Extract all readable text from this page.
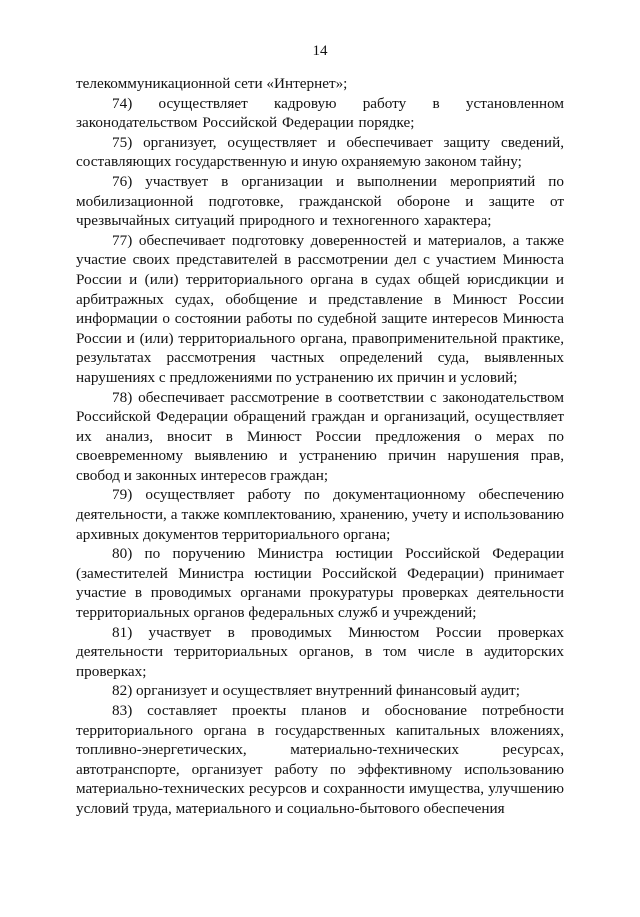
14

телекоммуникационной сети «Интернет»;

74) осуществляет кадровую работу в установленном законодательством Российской Федерации порядке;

75) организует, осуществляет и обеспечивает защиту сведений, составляющих государственную и иную охраняемую законом тайну;

76) участвует в организации и выполнении мероприятий по мобилизационной подготовке, гражданской обороне и защите от чрезвычайных ситуаций природного и техногенного характера;

77) обеспечивает подготовку доверенностей и материалов, а также участие своих представителей в рассмотрении дел с участием Минюста России и (или) территориального органа в судах общей юрисдикции и арбитражных судах, обобщение и представление в Минюст России информации о состоянии работы по судебной защите интересов Минюста России и (или) территориального органа, правоприменительной практике, результатах рассмотрения частных определений суда, выявленных нарушениях с предложениями по устранению их причин и условий;

78) обеспечивает рассмотрение в соответствии с законодательством Российской Федерации обращений граждан и организаций, осуществляет их анализ, вносит в Минюст России предложения о мерах по своевременному выявлению и устранению причин нарушения прав, свобод и законных интересов граждан;

79) осуществляет работу по документационному обеспечению деятельности, а также комплектованию, хранению, учету и использованию архивных документов территориального органа;

80) по поручению Министра юстиции Российской Федерации (заместителей Министра юстиции Российской Федерации) принимает участие в проводимых органами прокуратуры проверках деятельности территориальных органов федеральных служб и учреждений;

81) участвует в проводимых Минюстом России проверках деятельности территориальных органов, в том числе в аудиторских проверках;

82) организует и осуществляет внутренний финансовый аудит;

83) составляет проекты планов и обоснование потребности территориального органа в государственных капитальных вложениях, топливно-энергетических, материально-технических ресурсах, автотранспорте, организует работу по эффективному использованию материально-технических ресурсов и сохранности имущества, улучшению условий труда, материального и социально-бытового обеспечения
